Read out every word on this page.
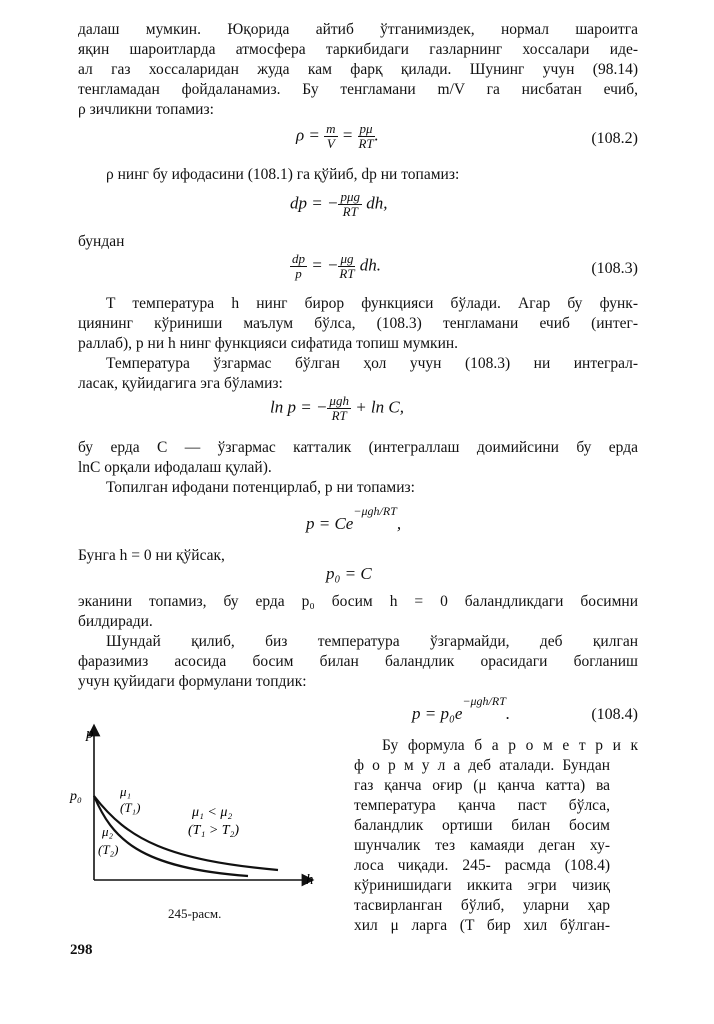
далаш мумкин. Юқорида айтиб ўтганимиздек, нормал шароитга
яқин шароитларда атмосфера таркибидаги газларнинг хоссалари иде-
ал газ хоссаларидан жуда кам фарқ қилади. Шунинг учун (98.14)
тенгламадан фойдаланамиз. Бу тенгламани m/V га нисбатан ечиб,
ρ зичликни топамиз:
$\rho = \frac{m}{V} = \frac{p\mu}{RT}$ .	(108.2)
ρ нинг бу ифодасини (108.1) га қўйиб, dp ни топамиз:
dp = − $\frac{\text{pμg}}{RT}$ dh,
бундан
$\frac{dp}{p}$ = − $\frac{\mu g}{RT}$ dh.	(108.3)
T температура h нинг бирор функцияси бўлади. Агар бу функ-
циянинг кўриниши маълум бўлса, (108.3) тенгламани ечиб (интег-
раллаб), p ни h нинг функцияси сифатида топиш мумкин.
Температура ўзгармас бўлган ҳол учун (108.3) ни интеграл-
ласак, қуйидагига эга бўламиз:
ln p = − $\frac{\text{μgh}}{RT} + \ln C$,
бу ерда C — ўзгармас катталик (интеграллаш доимийсини бу ерда
lnC орқали ифодалаш қулай).
Топилган ифодани потенцирлаб, p ни топамиз:
$p = Ce^{-\mu gh/RT}$,
Бунга h = 0 ни қўйсак,
p₀ = C
эканини топамиз, бу ерда p₀ босим h = 0 баландликдаги босимни
билдиради.
Шундай қилиб, биз температура ўзгармайди, деб қилган
фаразимиз асосида босим билан баландлик орасидаги богланиш
учун қуйидаги формулани топдик:
$p = p_0e^{-\mu gh/RT}$.	(108.4)
Бу формула б а р о м е т р и к
ф о р м у л а деб аталади. Бундан
газ қанча оғир (μ қанча катта) ва
температура қанча паст бўлса,
баландлик ортиши билан босим
шунчалик тез камаяди деган ху-
лоса чиқади. 245- расмда (108.4)
кўринишидаги иккита эгри чизиқ
тасвирланган бўлиб, уларни ҳар
хил μ ларга (T бир хил бўлган-
p
h
p₀	μ₁
(T₁)
μ₂
(T₂)
μ₁ < μ₂
(T₁ > T₂)
245-расм.
298
